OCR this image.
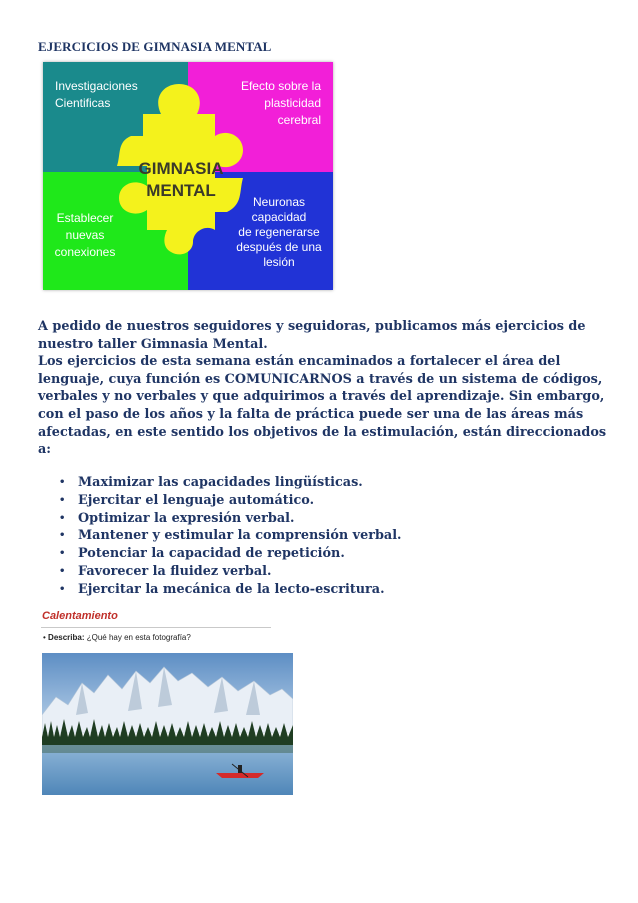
EJERCICIOS DE GIMNASIA MENTAL
Investigaciones
Cientificas
Efecto sobre la
plasticidad
cerebral
Establecer
nuevas
conexiones
Neuronas
capacidad
de regenerarse
después de una
lesión
GIMNASIA
MENTAL

A pedido de nuestros seguidores y seguidoras, publicamos más ejercicios de nuestro taller Gimnasia Mental.

Los ejercicios de esta semana están encaminados a fortalecer el área del lenguaje, cuya función es COMUNICARNOS a través de un sistema de códigos, verbales y no verbales y que adquirimos a través del aprendizaje. Sin embargo, con el paso de los años y la falta de práctica puede ser una de las áreas más afectadas, en este sentido los objetivos de la estimulación, están direccionados a:

• Maximizar las capacidades lingüísticas.
• Ejercitar el lenguaje automático.
• Optimizar la expresión verbal.
• Mantener y estimular la comprensión verbal.
• Potenciar la capacidad de repetición.
• Favorecer la fluidez verbal.
• Ejercitar la mecánica de la lecto-escritura.
Calentamiento
• Describa: ¿Qué hay en esta fotografía?
